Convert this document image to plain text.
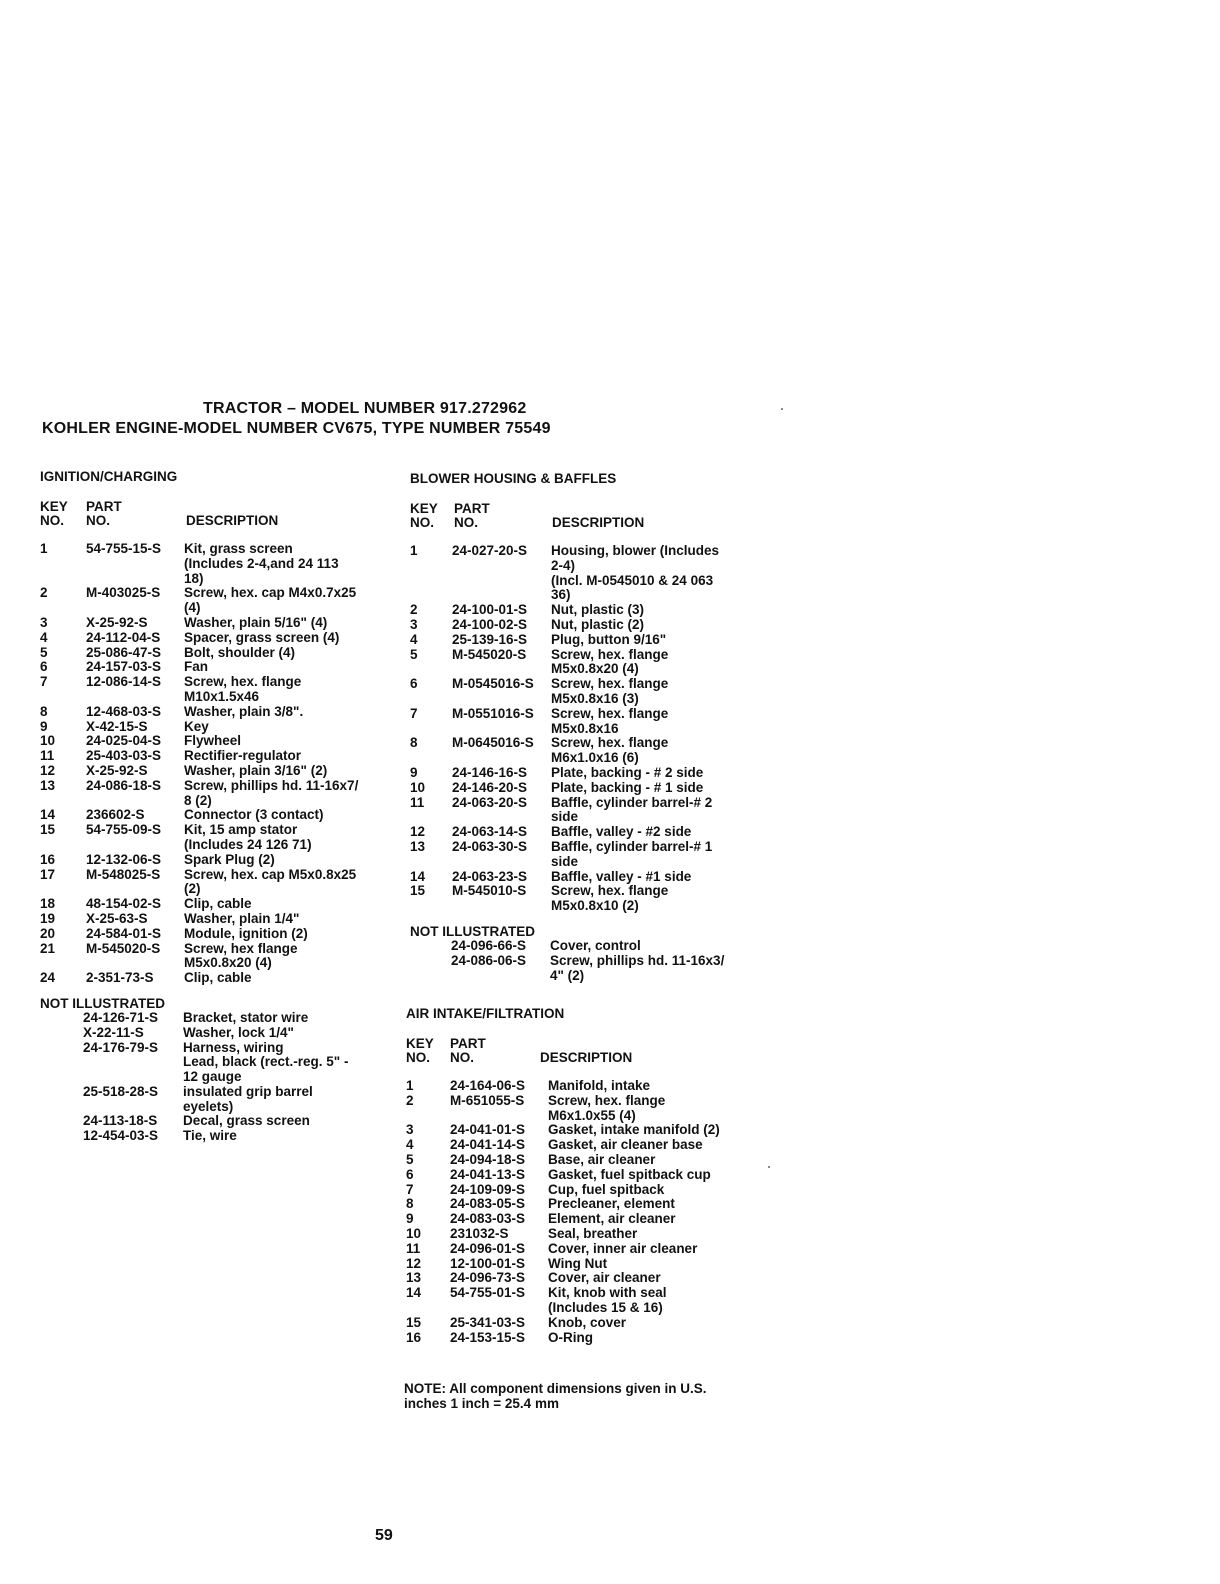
TRACTOR – MODEL NUMBER 917.272962
KOHLER ENGINE-MODEL NUMBER CV675, TYPE NUMBER 75549
IGNITION/CHARGING
KEY
NO.
PART
NO.	DESCRIPTION
1	54-755-15-S	Kit, grass screen
(Includes 2-4,and 24 113
18)
2	M-403025-S	Screw, hex. cap M4x0.7x25
(4)
3	X-25-92-S	Washer, plain 5/16" (4)
4	24-112-04-S	Spacer, grass screen (4)
5	25-086-47-S	Bolt, shoulder (4)
6	24-157-03-S	Fan
7	12-086-14-S	Screw, hex. flange
M10x1.5x46
8	12-468-03-S	Washer, plain 3/8".
9	X-42-15-S	Key
10	24-025-04-S	Flywheel
11	25-403-03-S	Rectifier-regulator
12	X-25-92-S	Washer, plain 3/16" (2)
13	24-086-18-S	Screw, phillips hd. 11-16x7/
8 (2)
14	236602-S	Connector (3 contact)
15	54-755-09-S	Kit, 15 amp stator
(Includes 24 126 71)
16	12-132-06-S	Spark Plug (2)
17	M-548025-S	Screw, hex. cap M5x0.8x25
(2)
18	48-154-02-S	Clip, cable
19	X-25-63-S	Washer, plain 1/4"
20	24-584-01-S	Module, ignition (2)
21	M-545020-S	Screw, hex flange
M5x0.8x20 (4)
24	2-351-73-S	Clip, cable
NOT ILLUSTRATED
24-126-71-S	Bracket, stator wire
X-22-11-S	Washer, lock 1/4"
24-176-79-S	Harness, wiring
Lead, black (rect.-reg. 5" -
12 gauge
25-518-28-S	insulated grip barrel
eyelets)
24-113-18-S	Decal, grass screen
12-454-03-S	Tie, wire
BLOWER HOUSING & BAFFLES
KEY
NO.
PART
NO.	DESCRIPTION
1	24-027-20-S	Housing, blower (Includes
2-4)
(Incl. M-0545010 & 24 063
36)
2	24-100-01-S	Nut, plastic (3)
3	24-100-02-S	Nut, plastic (2)
4	25-139-16-S	Plug, button 9/16"
5	M-545020-S	Screw, hex. flange
M5x0.8x20 (4)
6	M-0545016-S	Screw, hex. flange
M5x0.8x16 (3)
7	M-0551016-S	Screw, hex. flange
M5x0.8x16
8	M-0645016-S	Screw, hex. flange
M6x1.0x16 (6)
9	24-146-16-S	Plate, backing - # 2 side
10	24-146-20-S	Plate, backing - # 1 side
11	24-063-20-S	Baffle, cylinder barrel-# 2
side
12	24-063-14-S	Baffle, valley - #2 side
13	24-063-30-S	Baffle, cylinder barrel-# 1
side
14	24-063-23-S	Baffle, valley - #1 side
15	M-545010-S	Screw, hex. flange
M5x0.8x10 (2)
NOT ILLUSTRATED
24-096-66-S	Cover, control
24-086-06-S	Screw, phillips hd. 11-16x3/
4" (2)
AIR INTAKE/FILTRATION
KEY
NO.
PART
NO.	DESCRIPTION
1	24-164-06-S	Manifold, intake
2	M-651055-S	Screw, hex. flange
M6x1.0x55 (4)
3	24-041-01-S	Gasket, intake manifold (2)
4	24-041-14-S	Gasket, air cleaner base
5	24-094-18-S	Base, air cleaner
6	24-041-13-S	Gasket, fuel spitback cup
7	24-109-09-S	Cup, fuel spitback
8	24-083-05-S	Precleaner, element
9	24-083-03-S	Element, air cleaner
10	231032-S	Seal, breather
11	24-096-01-S	Cover, inner air cleaner
12	12-100-01-S	Wing Nut
13	24-096-73-S	Cover, air cleaner
14	54-755-01-S	Kit, knob with seal
(Includes 15 & 16)
15	25-341-03-S	Knob, cover
16	24-153-15-S	O-Ring
NOTE: All component dimensions given in U.S.
inches 1 inch = 25.4 mm
59
